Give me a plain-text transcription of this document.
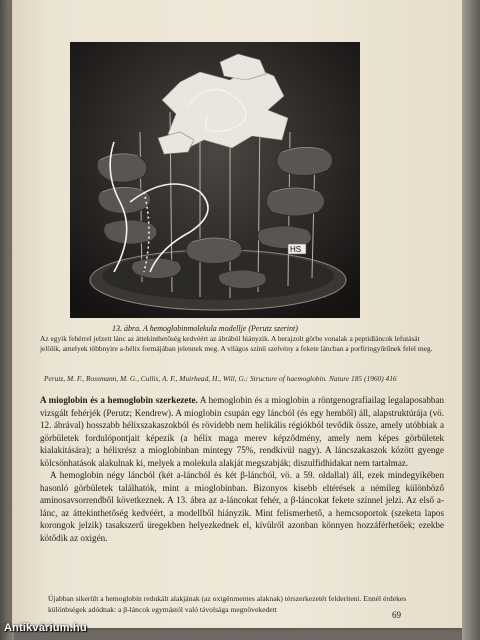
HS
13. ábra. A hemoglobinmolekula modellje (Perutz szerint)
Az egyik fehérrel jelzett lánc az áttekinthetőség kedvéért az ábrából hiányzik. A berajzolt görbe vonalak a peptidláncok lefutását jelölik, amelyek többnyire a-hélix formájában jelennek meg. A világos színű szelvény a fekete láncban a porfiringyűrűnek felel meg.
Perutz, M. F., Rossmann, M. G., Cullis, A. F., Muirhead, H., Will, G.: Structure of haemoglobin. Nature 185 (1960) 416

A mioglobin és a hemoglobin szerkezete. A hemoglobin és a mioglobin a röntgenografiailag legalaposabban vizsgált fehérjék (Perutz; Kendrew). A mioglobin csupán egy láncból (és egy hemből) áll, alapstruktúrája (vö. 12. ábrával) hosszabb hélixszakaszokból és rövidebb nem helikális régiókból tevődik össze, amely utóbbiak a görbületek fordulópontjait képezik (a hélix maga merev képződmény, amely nem képes görbületek kialakítására); a hélixrész a mioglobinban mintegy 75%, rendkívül nagy). A láncszakaszok között gyenge kölcsönhatások alakulnak ki, melyek a molekula alakját megszabják; diszulfidhidakat nem tartalmaz.

A hemoglobin négy láncból (két a-láncból és két β-láncból, vö. a 59. oldallal) áll, ezek mindegyikében hasonló görbületek találhatók, mint a mioglobinban. Bizonyos kisebb eltérések a némileg különböző aminosavsorrendből következnek. A 13. ábra az a-láncokat fehér, a β-láncokat fekete színnel jelzi. Az első a-lánc, az áttekinthetőség kedvéért, a modellből hiányzik. Mint felismerhető, a hemcsoportok (szeketa lapos korongok jelzik) tasakszerű üregekben helyezkednek el, kívülről azonban könnyen hozzáférhetőek; ezekbe kötődik az oxigén.

Újabban sikerült a hemoglobin redukált alakjának (az oxigénmentes alaknak) térszerkezetét felderíteni. Ennél érdekes különbségek adódnak: a β-láncok egymástól való távolsága megnövekedett
69
Antikvárium.hu
